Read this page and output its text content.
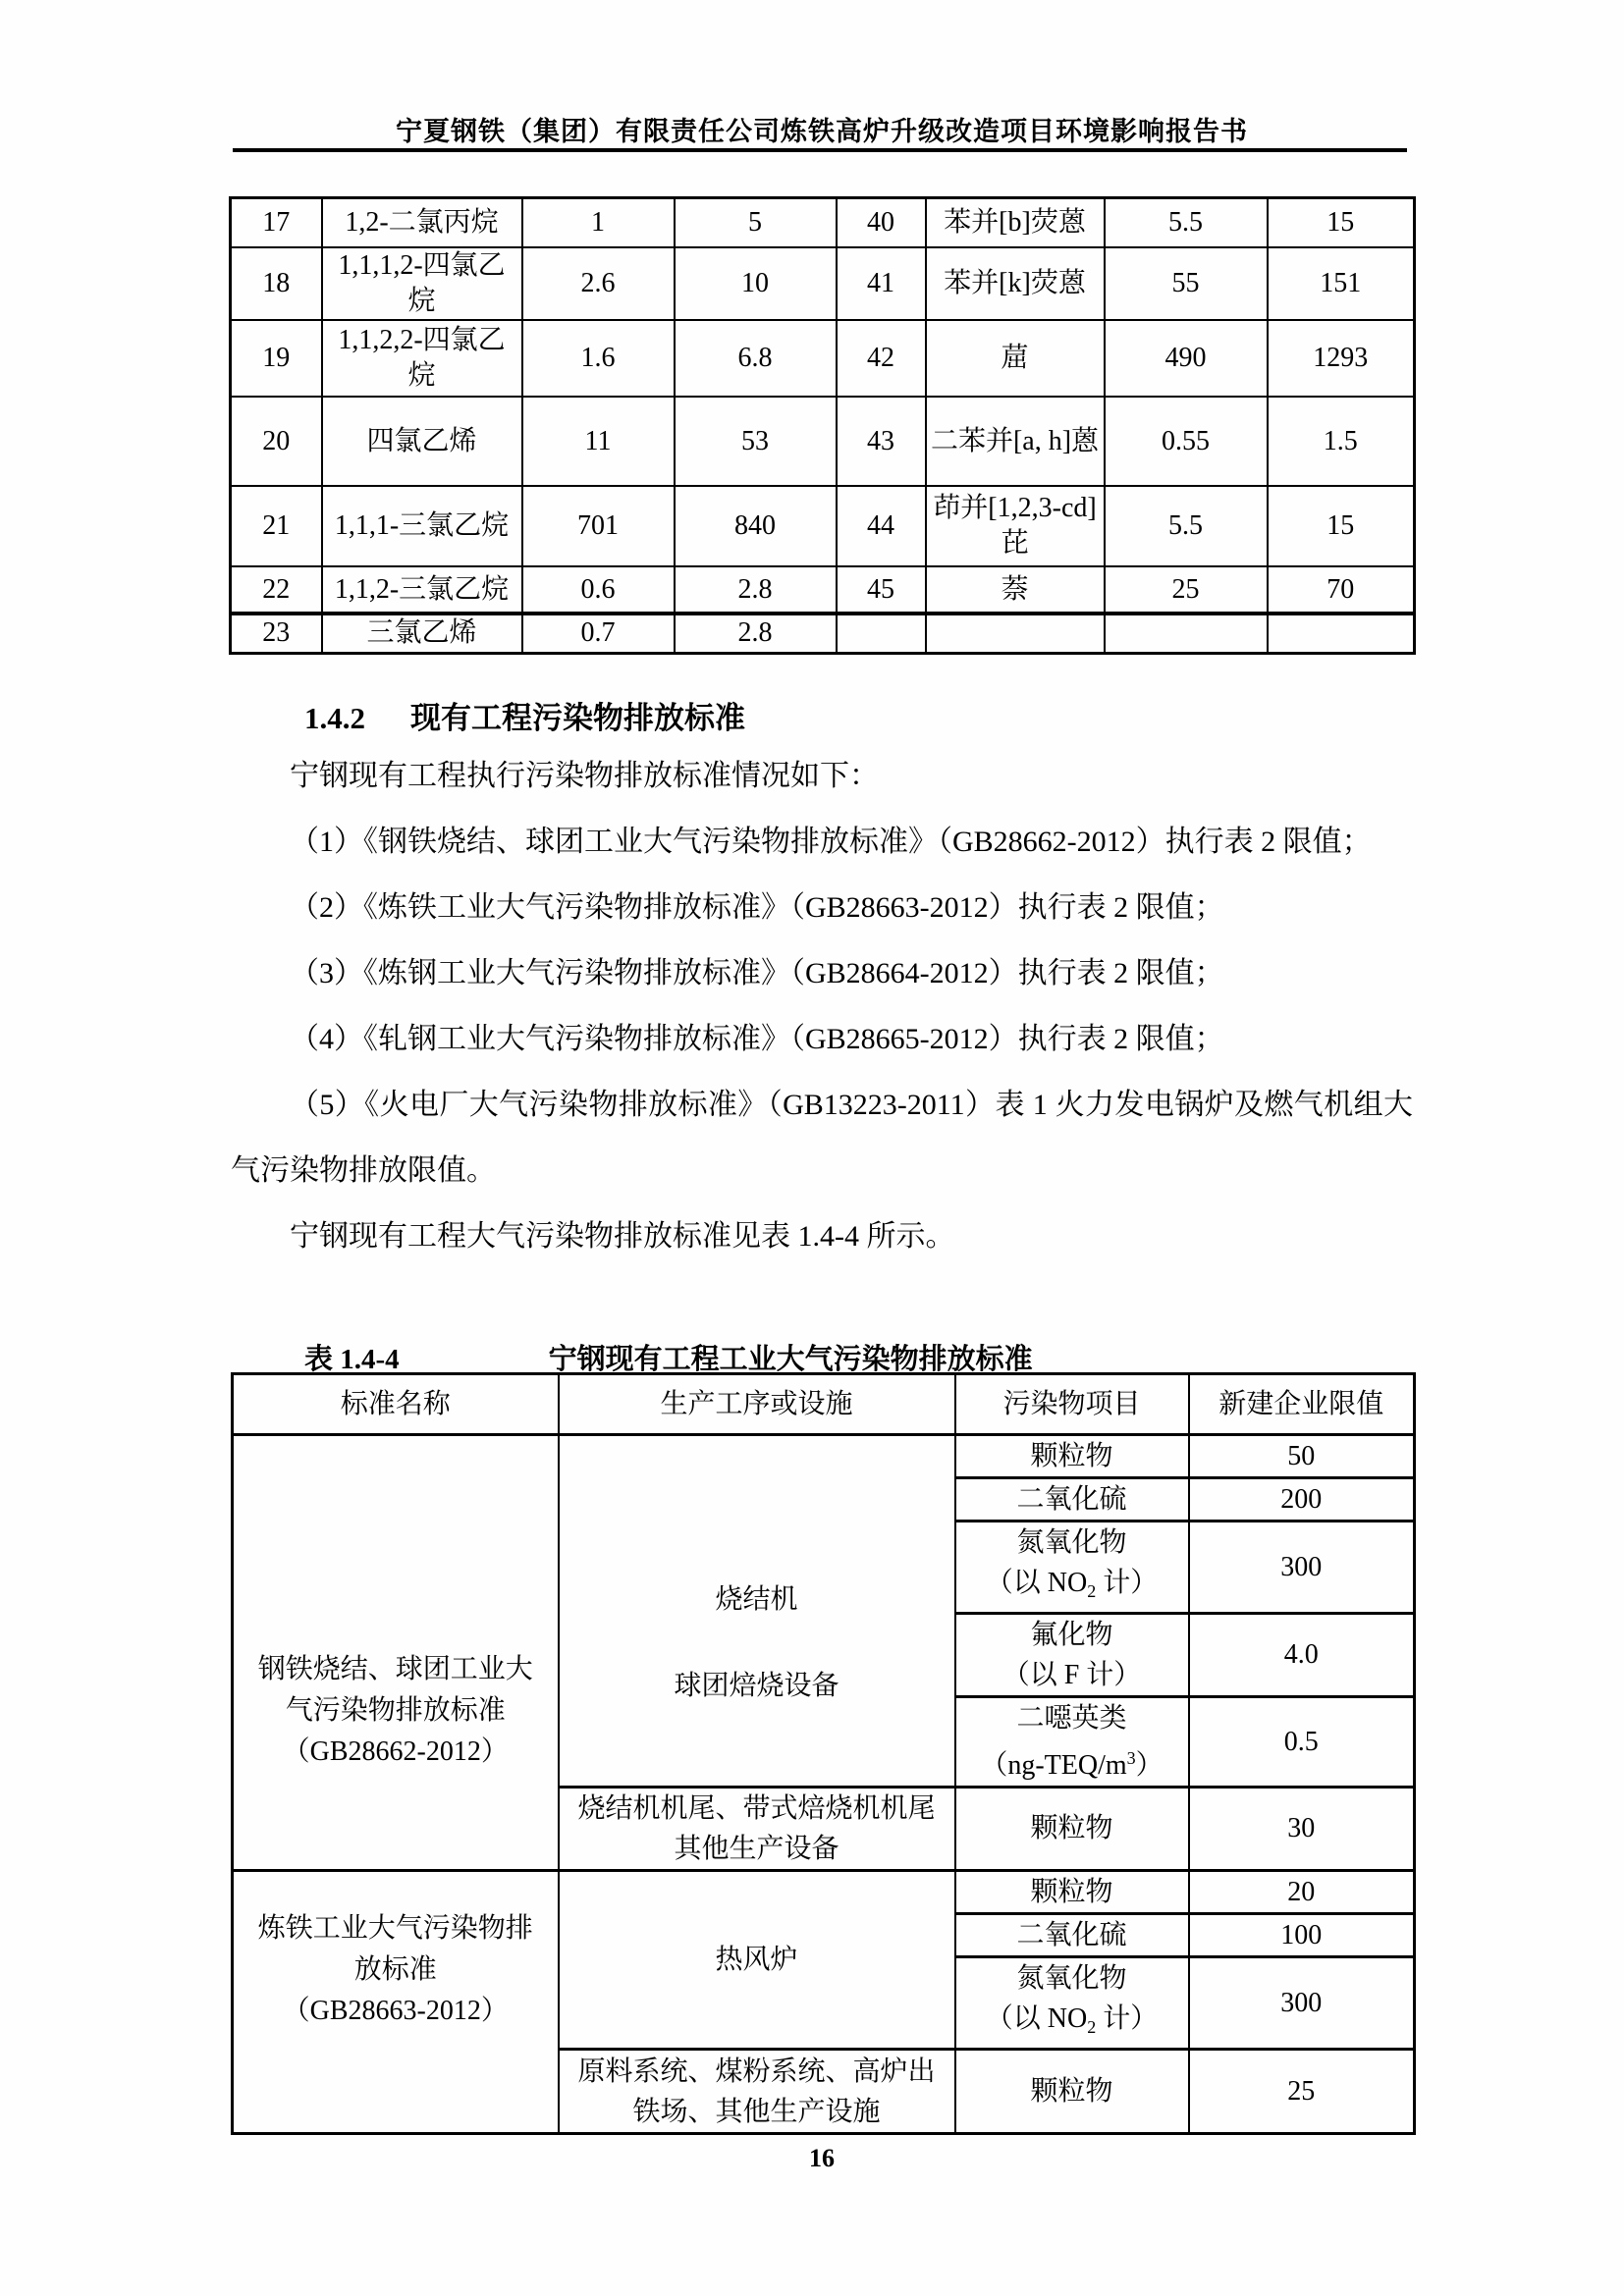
宁夏钢铁（集团）有限责任公司炼铁高炉升级改造项目环境影响报告书
17	1,2-二氯丙烷	1	5	40	苯并[b]荧蒽	5.5	15
18	1,1,1,2-四氯乙烷	2.6	10	41	苯并[k]荧蒽	55	151
19	1,1,2,2-四氯乙烷	1.6	6.8	42	䓛	490	1293
20	四氯乙烯	11	53	43	二苯并[a, h]蒽	0.55	1.5
21	1,1,1-三氯乙烷	701	840	44	茚并[1,2,3-cd]芘	5.5	15
22	1,1,2-三氯乙烷	0.6	2.8	45	萘	25	70
23	三氯乙烯	0.7	2.8				
1.4.2 现有工程污染物排放标准

宁钢现有工程执行污染物排放标准情况如下：

（1）《钢铁烧结、球团工业大气污染物排放标准》（GB28662-2012）执行表 2 限值；

（2）《炼铁工业大气污染物排放标准》（GB28663-2012）执行表 2 限值；

（3）《炼钢工业大气污染物排放标准》（GB28664-2012）执行表 2 限值；

（4）《轧钢工业大气污染物排放标准》（GB28665-2012）执行表 2 限值；

（5）《火电厂大气污染物排放标准》（GB13223-2011）表 1 火力发电锅炉及燃气机组大气污染物排放限值。

宁钢现有工程大气污染物排放标准见表 1.4-4 所示。

表 1.4-4	宁钢现有工程工业大气污染物排放标准
标准名称	生产工序或设施	污染物项目	新建企业限值

钢铁烧结、球团工业大
气污染物排放标准
（GB28662-2012）

烧结机
球团焙烧设备
	颗粒物	50
		二氧化硫	200

		氮氧化物
（以 $NO_2$ 计）	300

		氟化物
（以 F 计）	4.0

		二噁英类
$(ng-TEQ/m^3)$	0.5

	烧结机机尾、带式焙烧机机尾
其他生产设备	颗粒物	30

炼铁工业大气污染物排
放标准
（GB28663-2012）	热风炉	颗粒物	20
		二氧化硫	100

		氮氧化物
（以 $NO_2$ 计）	300

	原料系统、煤粉系统、高炉出
铁场、其他生产设施	颗粒物	25
16
